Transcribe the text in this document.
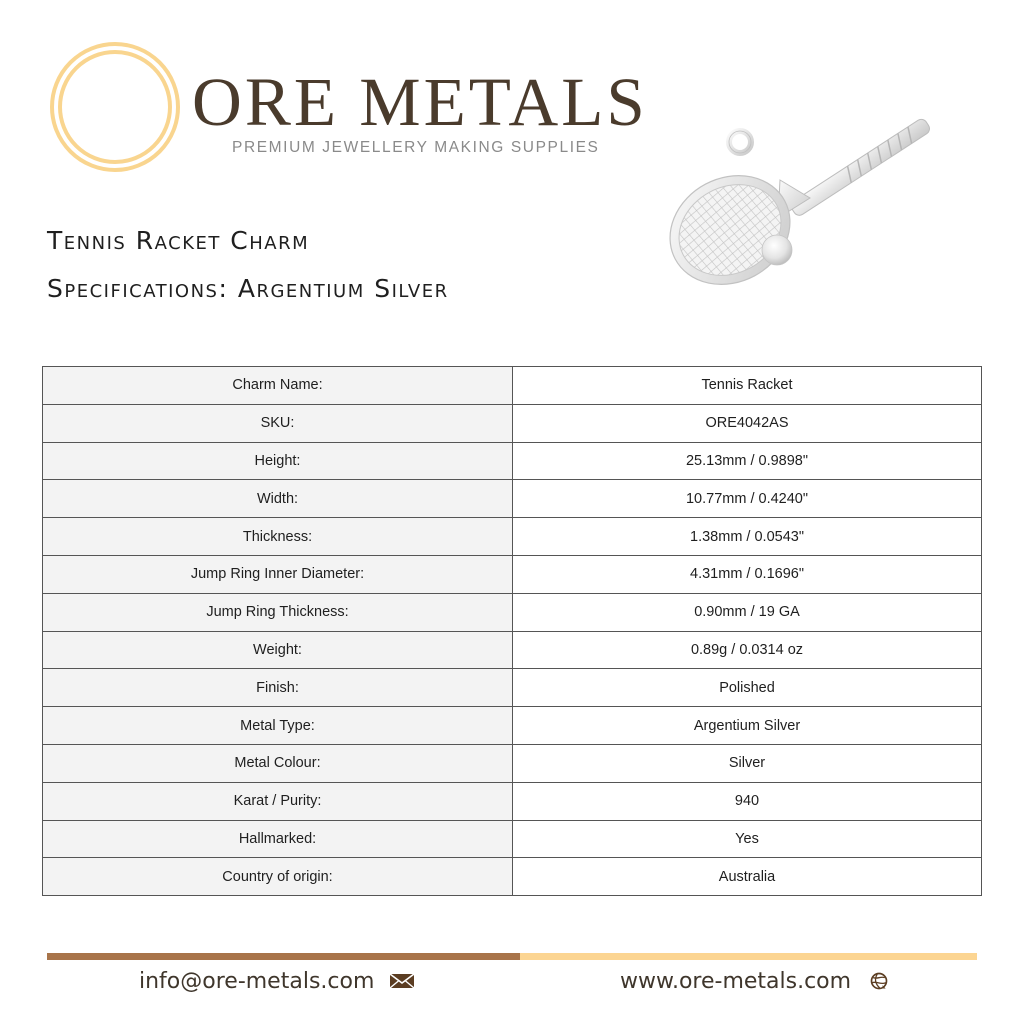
ORE METALS
PREMIUM JEWELLERY MAKING SUPPLIES
Tennis Racket Charm
Specifications: Argentium Silver
Charm Name:	Tennis Racket
SKU:	ORE4042AS
Height:	25.13mm / 0.9898"
Width:	10.77mm / 0.4240"
Thickness:	1.38mm / 0.0543"
Jump Ring Inner Diameter:	4.31mm / 0.1696"
Jump Ring Thickness:	0.90mm / 19 GA
Weight:	0.89g / 0.0314 oz
Finish:	Polished
Metal Type:	Argentium Silver
Metal Colour:	Silver
Karat / Purity:	940
Hallmarked:	Yes
Country of origin:	Australia
info@ore-metals.com	www.ore-metals.com
